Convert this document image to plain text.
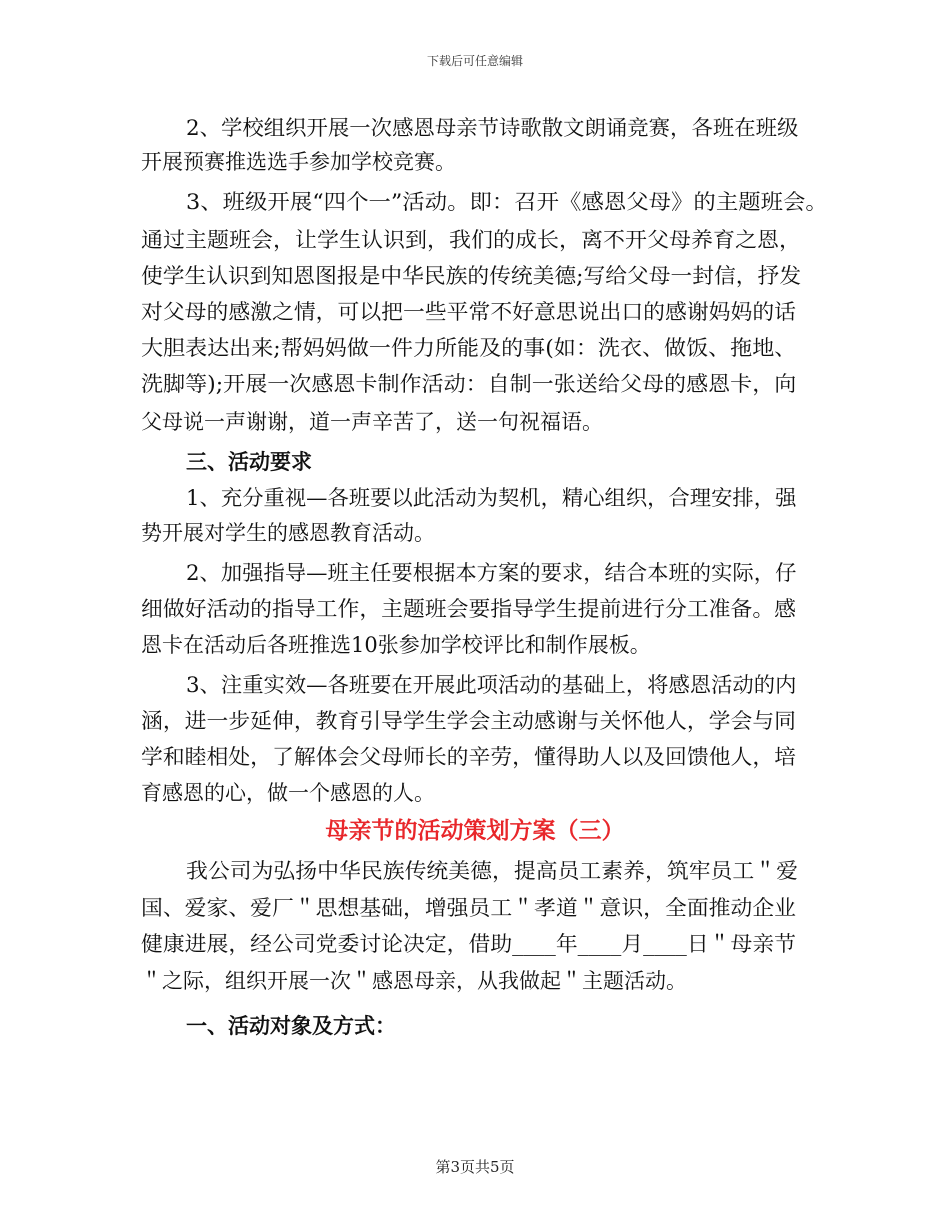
下载后可任意编辑
2、学校组织开展一次感恩母亲节诗歌散文朗诵竞赛，各班在班级
开展预赛推选选手参加学校竞赛。
3、班级开展“四个一”活动。即：召开《感恩父母》的主题班会。
通过主题班会，让学生认识到，我们的成长，离不开父母养育之恩，
使学生认识到知恩图报是中华民族的传统美德;写给父母一封信，抒发
对父母的感激之情，可以把一些平常不好意思说出口的感谢妈妈的话
大胆表达出来;帮妈妈做一件力所能及的事(如：洗衣、做饭、拖地、
洗脚等);开展一次感恩卡制作活动：自制一张送给父母的感恩卡，向
父母说一声谢谢，道一声辛苦了，送一句祝福语。
三、活动要求
1、充分重视—各班要以此活动为契机，精心组织，合理安排，强
势开展对学生的感恩教育活动。
2、加强指导—班主任要根据本方案的要求，结合本班的实际，仔
细做好活动的指导工作，主题班会要指导学生提前进行分工准备。感
恩卡在活动后各班推选10张参加学校评比和制作展板。
3、注重实效—各班要在开展此项活动的基础上，将感恩活动的内
涵，进一步延伸，教育引导学生学会主动感谢与关怀他人，学会与同
学和睦相处，了解体会父母师长的辛劳，懂得助人以及回馈他人，培
育感恩的心，做一个感恩的人。
母亲节的活动策划方案（三）
我公司为弘扬中华民族传统美德，提高员工素养，筑牢员工＂爱
国、爱家、爱厂＂思想基础，增强员工＂孝道＂意识，全面推动企业
健康进展，经公司党委讨论决定，借助____年____月____日＂母亲节
＂之际，组织开展一次＂感恩母亲，从我做起＂主题活动。
一、活动对象及方式：
第3页共5页
